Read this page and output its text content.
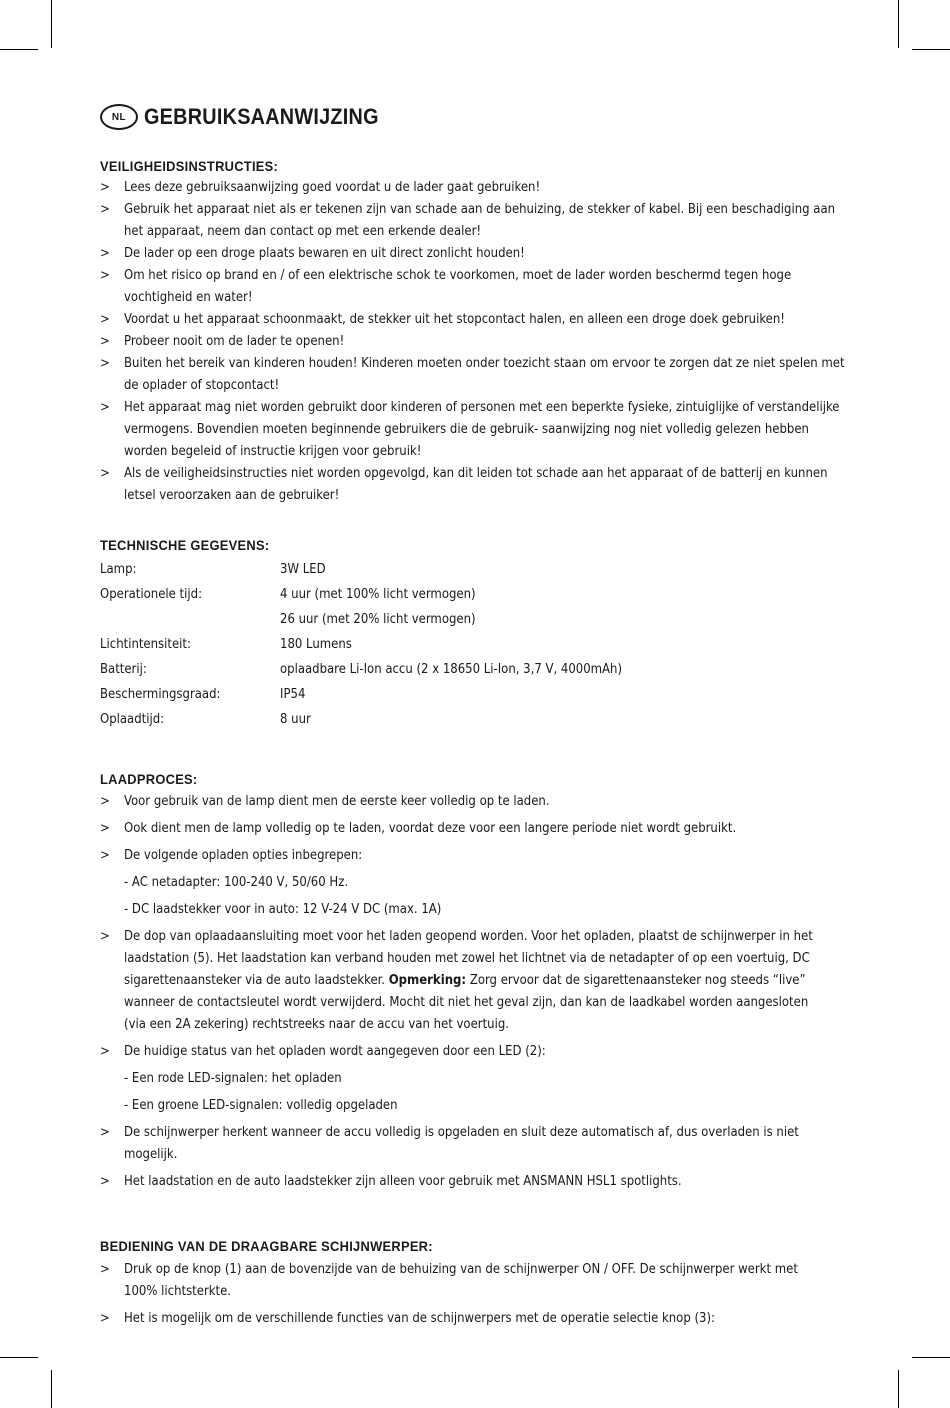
NL GEBRUIKSAANWIJZING
VEILIGHEIDSINSTRUCTIES:
> Lees deze gebruiksaanwijzing goed voordat u de lader gaat gebruiken!
> Gebruik het apparaat niet als er tekenen zijn van schade aan de behuizing, de stekker of kabel. Bij een beschadiging aan het apparaat, neem dan contact op met een erkende dealer!
> De lader op een droge plaats bewaren en uit direct zonlicht houden!
> Om het risico op brand en / of een elektrische schok te voorkomen, moet de lader worden beschermd tegen hoge vochtigheid en water!
> Voordat u het apparaat schoonmaakt, de stekker uit het stopcontact halen, en alleen een droge doek gebruiken!
> Probeer nooit om de lader te openen!
> Buiten het bereik van kinderen houden! Kinderen moeten onder toezicht staan om ervoor te zorgen dat ze niet spelen met de oplader of stopcontact!
> Het apparaat mag niet worden gebruikt door kinderen of personen met een beperkte fysieke, zintuiglijke of verstandelijke vermogens. Bovendien moeten beginnende gebruikers die de gebruik- saanwijzing nog niet volledig gelezen hebben worden begeleid of instructie krijgen voor gebruik!
> Als de veiligheidsinstructies niet worden opgevolgd, kan dit leiden tot schade aan het apparaat of de batterij en kunnen letsel veroorzaken aan de gebruiker!
TECHNISCHE GEGEVENS:
Lamp:	3W LED
Operationele tijd:	4 uur (met 100% licht vermogen)
26 uur (met 20% licht vermogen)
Lichtintensiteit:	180 Lumens
Batterij:	oplaadbare Li-Ion accu (2 x 18650 Li-Ion, 3,7 V, 4000mAh)
Beschermingsgraad:	IP54
Oplaadtijd:	8 uur
LAADPROCES:
> Voor gebruik van de lamp dient men de eerste keer volledig op te laden.
> Ook dient men de lamp volledig op te laden, voordat deze voor een langere periode niet wordt gebruikt.
> De volgende opladen opties inbegrepen:
- AC netadapter: 100-240 V, 50/60 Hz.
- DC laadstekker voor in auto: 12 V-24 V DC (max. 1A)
> De dop van oplaadaansluiting moet voor het laden geopend worden. Voor het opladen, plaatst de schijnwerper in het laadstation (5). Het laadstation kan verband houden met zowel het lichtnet via de netadapter of op een voertuig, DC sigarettenaansteker via de auto laadstekker. Opmerking: Zorg ervoor dat de sigarettenaansteker nog steeds “live” wanneer de contactsleutel wordt verwijderd. Mocht dit niet het geval zijn, dan kan de laadkabel worden aangesloten (via een 2A zekering) rechtstreeks naar de accu van het voertuig.
> De huidige status van het opladen wordt aangegeven door een LED (2):
- Een rode LED-signalen: het opladen
- Een groene LED-signalen: volledig opgeladen
> De schijnwerper herkent wanneer de accu volledig is opgeladen en sluit deze automatisch af, dus overladen is niet mogelijk.
> Het laadstation en de auto laadstekker zijn alleen voor gebruik met ANSMANN HSL1 spotlights.
BEDIENING VAN DE DRAAGBARE SCHIJNWERPER:
> Druk op de knop (1) aan de bovenzijde van de behuizing van de schijnwerper ON / OFF. De schijnwerper werkt met 100% lichtsterkte.
> Het is mogelijk om de verschillende functies van de schijnwerpers met de operatie selectie knop (3):
